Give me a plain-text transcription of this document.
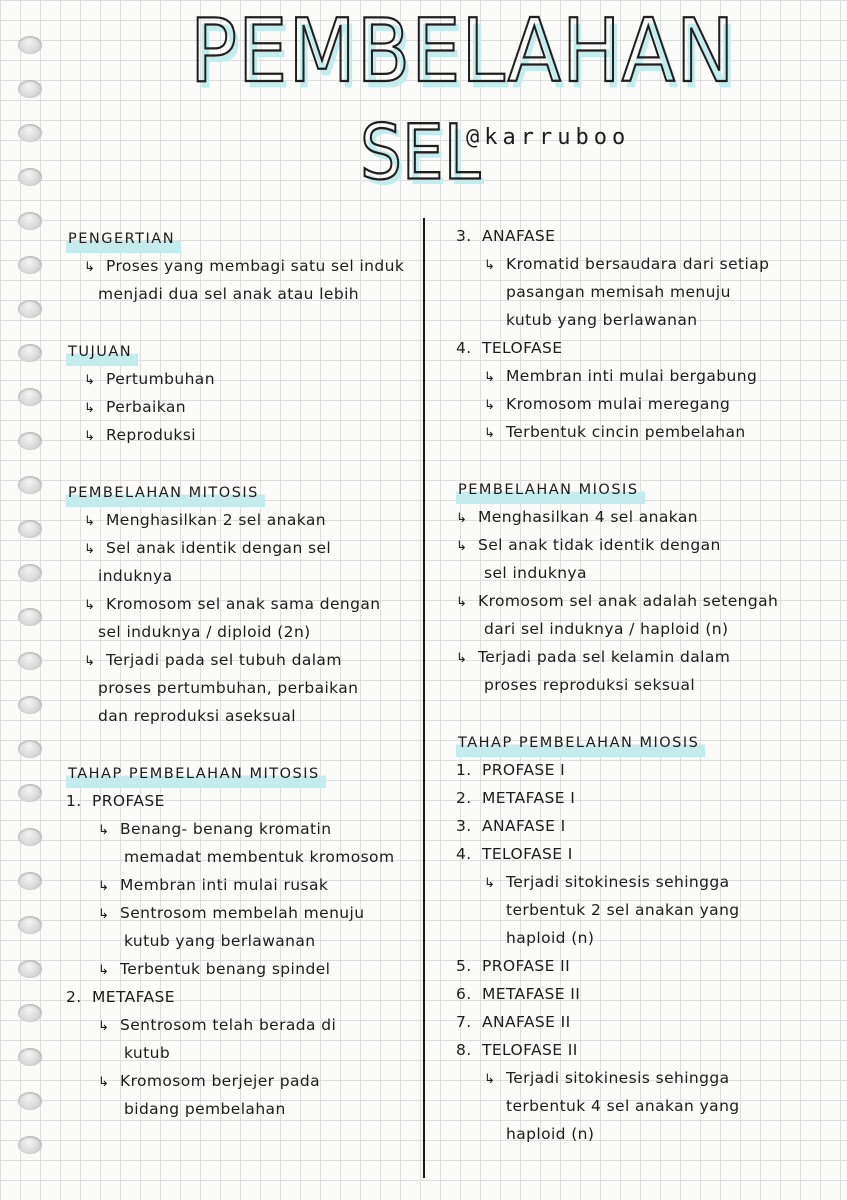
PEMBELAHAN
SEL
@karruboo
PENGERTIAN
↳ Proses yang membagi satu sel induk
menjadi dua sel anak atau lebih
TUJUAN
↳ Pertumbuhan
↳ Perbaikan
↳ Reproduksi
PEMBELAHAN MITOSIS
↳ Menghasilkan 2 sel anakan
↳ Sel anak identik dengan sel
induknya
↳ Kromosom sel anak sama dengan
sel induknya / diploid (2n)
↳ Terjadi pada sel tubuh dalam
proses pertumbuhan, perbaikan
dan reproduksi aseksual
TAHAP PEMBELAHAN MITOSIS
1. PROFASE
↳ Benang- benang kromatin
memadat membentuk kromosom
↳ Membran inti mulai rusak
↳ Sentrosom membelah menuju
kutub yang berlawanan
↳ Terbentuk benang spindel
2. METAFASE
↳ Sentrosom telah berada di
kutub
↳ Kromosom berjejer pada
bidang pembelahan
3. ANAFASE
↳ Kromatid bersaudara dari setiap
pasangan memisah menuju
kutub yang berlawanan
4. TELOFASE
↳ Membran inti mulai bergabung
↳ Kromosom mulai meregang
↳ Terbentuk cincin pembelahan
PEMBELAHAN MIOSIS
↳ Menghasilkan 4 sel anakan
↳ Sel anak tidak identik dengan
sel induknya
↳ Kromosom sel anak adalah setengah
dari sel induknya / haploid (n)
↳ Terjadi pada sel kelamin dalam
proses reproduksi seksual
TAHAP PEMBELAHAN MIOSIS
1. PROFASE I
2. METAFASE I
3. ANAFASE I
4. TELOFASE I
↳ Terjadi sitokinesis sehingga
terbentuk 2 sel anakan yang
haploid (n)
5. PROFASE II
6. METAFASE II
7. ANAFASE II
8. TELOFASE II
↳ Terjadi sitokinesis sehingga
terbentuk 4 sel anakan yang
haploid (n)
